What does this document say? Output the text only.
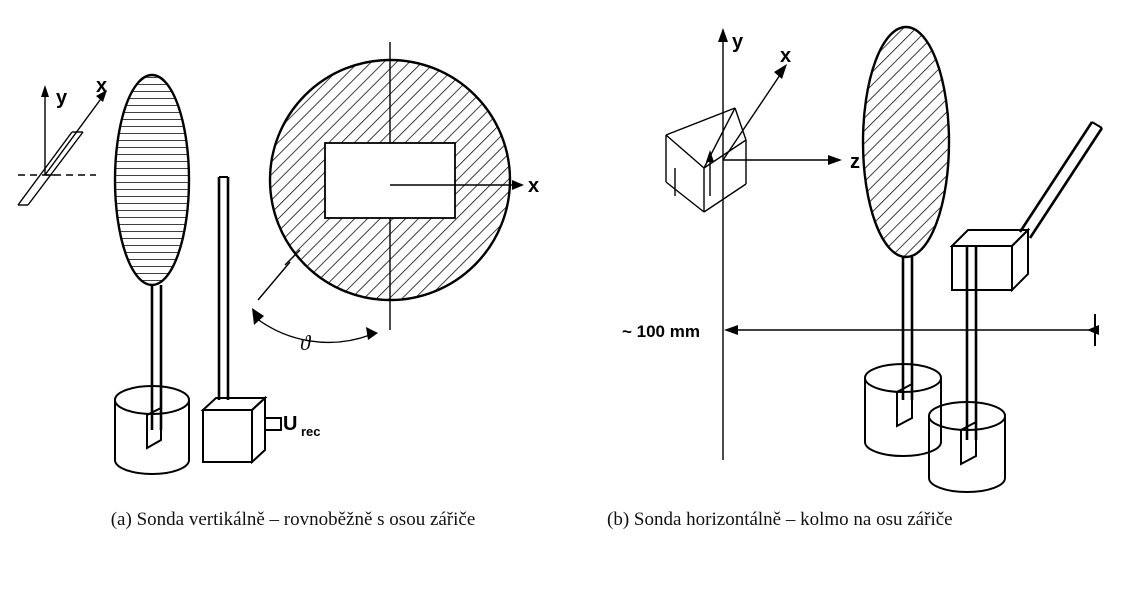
y
x
U rec
x
ϑ
y
x
z
~ 100 mm
(a) Sonda vertikálně – rovnoběžně s osou zářiče	(b) Sonda horizontálně – kolmo na osu zářiče
